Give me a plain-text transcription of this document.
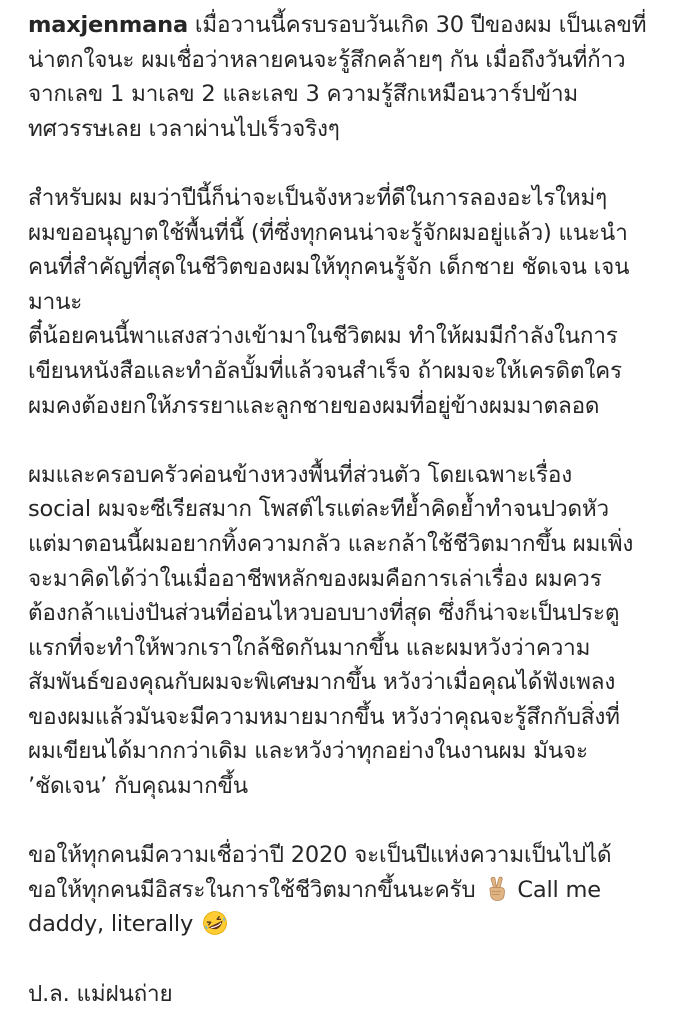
maxjenmana เมื่อวานนี้ครบรอบวันเกิด 30 ปีของผม เป็นเลขที่
น่าตกใจนะ ผมเชื่อว่าหลายคนจะรู้สึกคล้ายๆ กัน เมื่อถึงวันที่ก้าว
จากเลข 1 มาเลข 2 และเลข 3 ความรู้สึกเหมือนวาร์ปข้าม
ทศวรรษเลย เวลาผ่านไปเร็วจริงๆ
สำหรับผม ผมว่าปีนี้ก็น่าจะเป็นจังหวะที่ดีในการลองอะไรใหม่ๆ
ผมขออนุญาตใช้พื้นที่นี้ (ที่ซึ่งทุกคนน่าจะรู้จักผมอยู่แล้ว) แนะนำ
คนที่สำคัญที่สุดในชีวิตของผมให้ทุกคนรู้จัก เด็กชาย ชัดเจน เจน
มานะ
ตี๋น้อยคนนี้พาแสงสว่างเข้ามาในชีวิตผม ทำให้ผมมีกำลังในการ
เขียนหนังสือและทำอัลบั้มที่แล้วจนสำเร็จ ถ้าผมจะให้เครดิตใคร
ผมคงต้องยกให้ภรรยาและลูกชายของผมที่อยู่ข้างผมมาตลอด
ผมและครอบครัวค่อนข้างหวงพื้นที่ส่วนตัว โดยเฉพาะเรื่อง
social ผมจะซีเรียสมาก โพสต์ไรแต่ละทีย้ำคิดย้ำทำจนปวดหัว
แต่มาตอนนี้ผมอยากทิ้งความกลัว และกล้าใช้ชีวิตมากขึ้น ผมเพิ่ง
จะมาคิดได้ว่าในเมื่ออาชีพหลักของผมคือการเล่าเรื่อง ผมควร
ต้องกล้าแบ่งปันส่วนที่อ่อนไหวบอบบางที่สุด ซึ่งก็น่าจะเป็นประตู
แรกที่จะทำให้พวกเราใกล้ชิดกันมากขึ้น และผมหวังว่าความ
สัมพันธ์ของคุณกับผมจะพิเศษมากขึ้น หวังว่าเมื่อคุณได้ฟังเพลง
ของผมแล้วมันจะมีความหมายมากขึ้น หวังว่าคุณจะรู้สึกกับสิ่งที่
ผมเขียนได้มากกว่าเดิม และหวังว่าทุกอย่างในงานผม มันจะ
’ชัดเจน’ กับคุณมากขึ้น
ขอให้ทุกคนมีความเชื่อว่าปี 2020 จะเป็นปีแห่งความเป็นไปได้
ขอให้ทุกคนมีอิสระในการใช้ชีวิตมากขึ้นนะครับ Call me
daddy, literally
ป.ล. แม่ฝนถ่าย
